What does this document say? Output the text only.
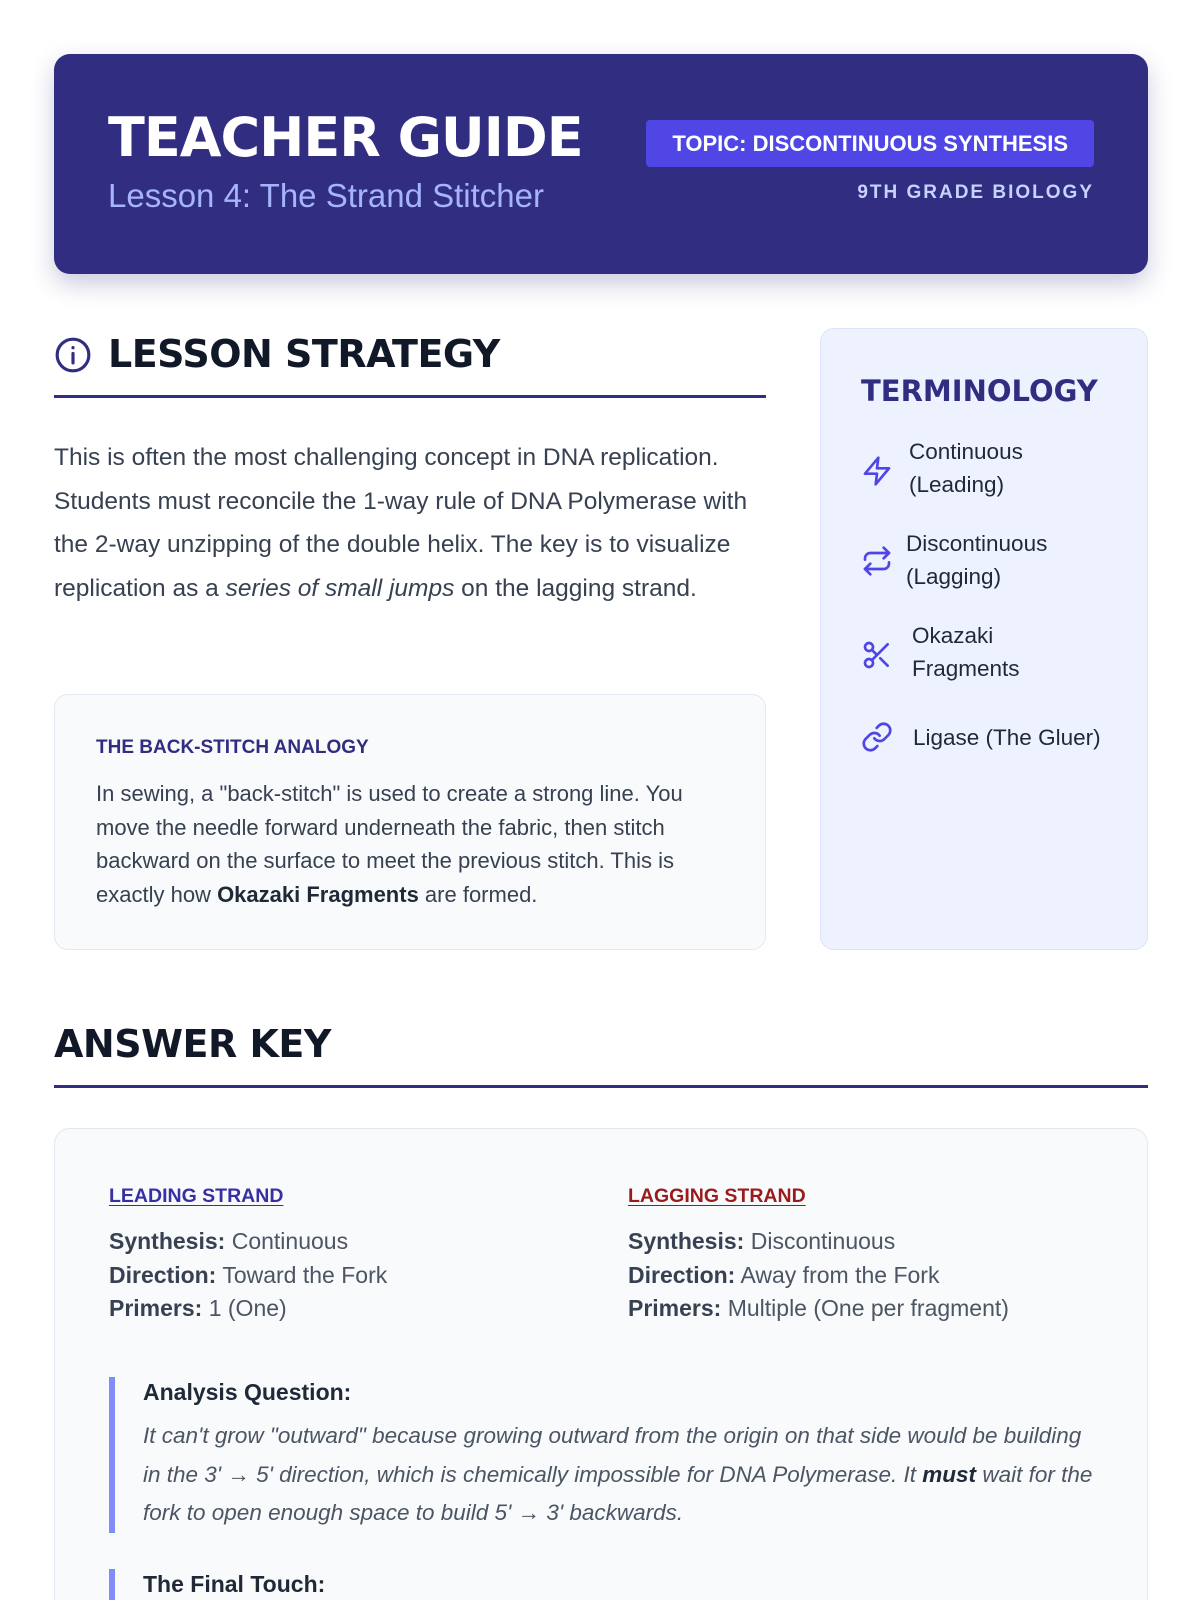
TEACHER GUIDE
Lesson 4: The Strand Stitcher
TOPIC: DISCONTINUOUS SYNTHESIS
9TH GRADE BIOLOGY
LESSON STRATEGY
This is often the most challenging concept in DNA replication. Students must reconcile the 1-way rule of DNA Polymerase with the 2-way unzipping of the double helix. The key is to visualize replication as a series of small jumps on the lagging strand.
THE BACK-STITCH ANALOGY
In sewing, a "back-stitch" is used to create a strong line. You move the needle forward underneath the fabric, then stitch backward on the surface to meet the previous stitch. This is exactly how Okazaki Fragments are formed.
TERMINOLOGY
Continuous
(Leading)
Discontinuous
(Lagging)
Okazaki
Fragments
Ligase (The Gluer)
ANSWER KEY
LEADING STRAND
Synthesis: Continuous
Direction: Toward the Fork
Primers: 1 (One)
LAGGING STRAND
Synthesis: Discontinuous
Direction: Away from the Fork
Primers: Multiple (One per fragment)
Analysis Question:
It can't grow "outward" because growing outward from the origin on that side would be building in the 3' → 5' direction, which is chemically impossible for DNA Polymerase. It must wait for the fork to open enough space to build 5' → 3' backwards.
The Final Touch:
